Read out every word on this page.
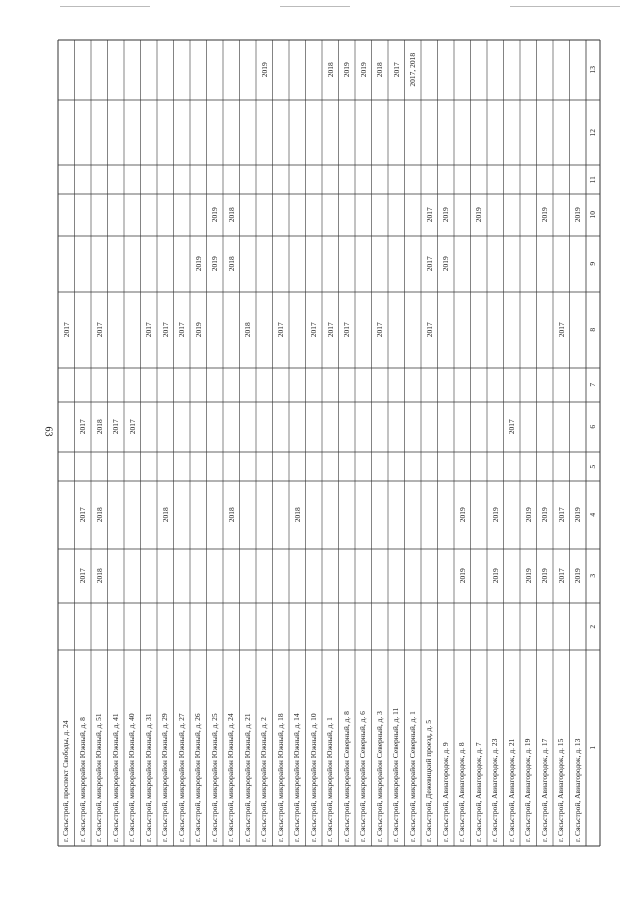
63
1
2
3
4
5
6
7
8
9
10
11
12
13
г. Сясьстрой, Авиагородок, д. 13
2019
2019
2019
г. Сясьстрой, Авиагородок, д. 15
2017
2017
2017
г. Сясьстрой, Авиагородок, д. 17
2019
2019
2019
г. Сясьстрой, Авиагородок, д. 19
2019
2019
г. Сясьстрой, Авиагородок, д. 21
2017
г. Сясьстрой, Авиагородок, д. 23
2019
2019
г. Сясьстрой, Авиагородок, д. 7
2019
г. Сясьстрой, Авиагородок, д. 8
2019
2019
г. Сясьстрой, Авиагородок, д. 9
2019
2019
г. Сясьстрой, Дежевицкий проезд, д. 5
2017
2017
2017
г. Сясьстрой, микрорайон Северный, д. 1
2017, 2018
г. Сясьстрой, микрорайон Северный, д. 11
2017
г. Сясьстрой, микрорайон Северный, д. 3
2017
2018
г. Сясьстрой, микрорайон Северный, д. 6
2019
г. Сясьстрой, микрорайон Северный, д. 8
2017
2019
г. Сясьстрой, микрорайон Южный, д. 1
2017
2018
г. Сясьстрой, микрорайон Южный, д. 10
2017
г. Сясьстрой, микрорайон Южный, д. 14
2018
г. Сясьстрой, микрорайон Южный, д. 18
2017
г. Сясьстрой, микрорайон Южный, д. 2
2019
г. Сясьстрой, микрорайон Южный, д. 21
2018
г. Сясьстрой, микрорайон Южный, д. 24
2018
2018
2018
г. Сясьстрой, микрорайон Южный, д. 25
2019
2019
г. Сясьстрой, микрорайон Южный, д. 26
2019
2019
г. Сясьстрой, микрорайон Южный, д. 27
2017
г. Сясьстрой, микрорайон Южный, д. 29
2018
2017
г. Сясьстрой, микрорайон Южный, д. 31
2017
г. Сясьстрой, микрорайон Южный, д. 40
2017
г. Сясьстрой, микрорайон Южный, д. 41
2017
г. Сясьстрой, микрорайон Южный, д. 51
2018
2018
2018
2017
г. Сясьстрой, микрорайон Южный, д. 8
2017
2017
2017
г. Сясьстрой, проспект Свободы, д. 24
2017
